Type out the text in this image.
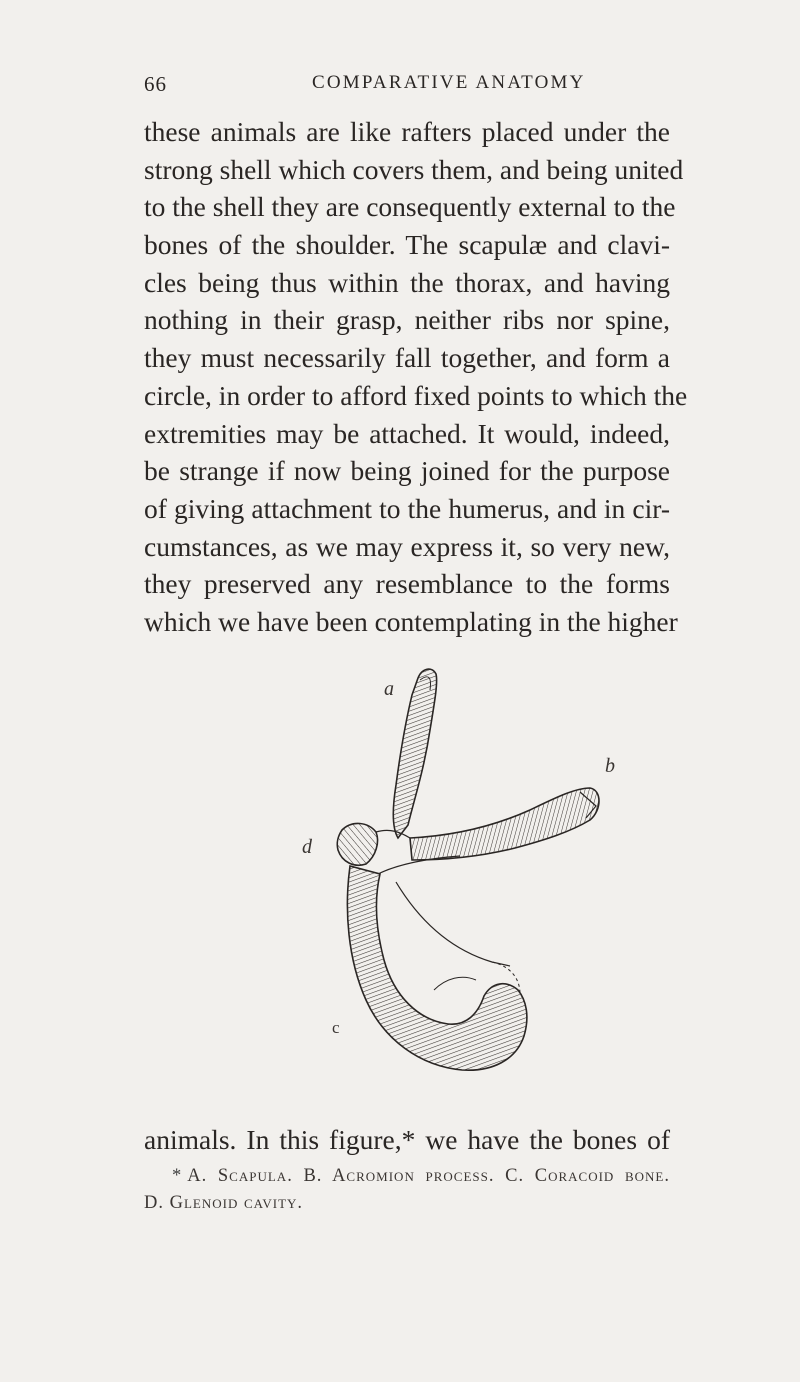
66	COMPARATIVE ANATOMY
these animals are like rafters placed under the
strong shell which covers them, and being united
to the shell they are consequently external to the
bones of the shoulder. The scapulæ and clavi-
cles being thus within the thorax, and having
nothing in their grasp, neither ribs nor spine,
they must necessarily fall together, and form a
circle, in order to afford fixed points to which the
extremities may be attached. It would, indeed,
be strange if now being joined for the purpose
of giving attachment to the humerus, and in cir-
cumstances, as we may express it, so very new,
they preserved any resemblance to the forms
which we have been contemplating in the higher
a
b
d
c
animals. In this figure,* we have the bones of
* A. Scapula. B. Acromion process. C. Coracoid bone.
D. Glenoid cavity.
